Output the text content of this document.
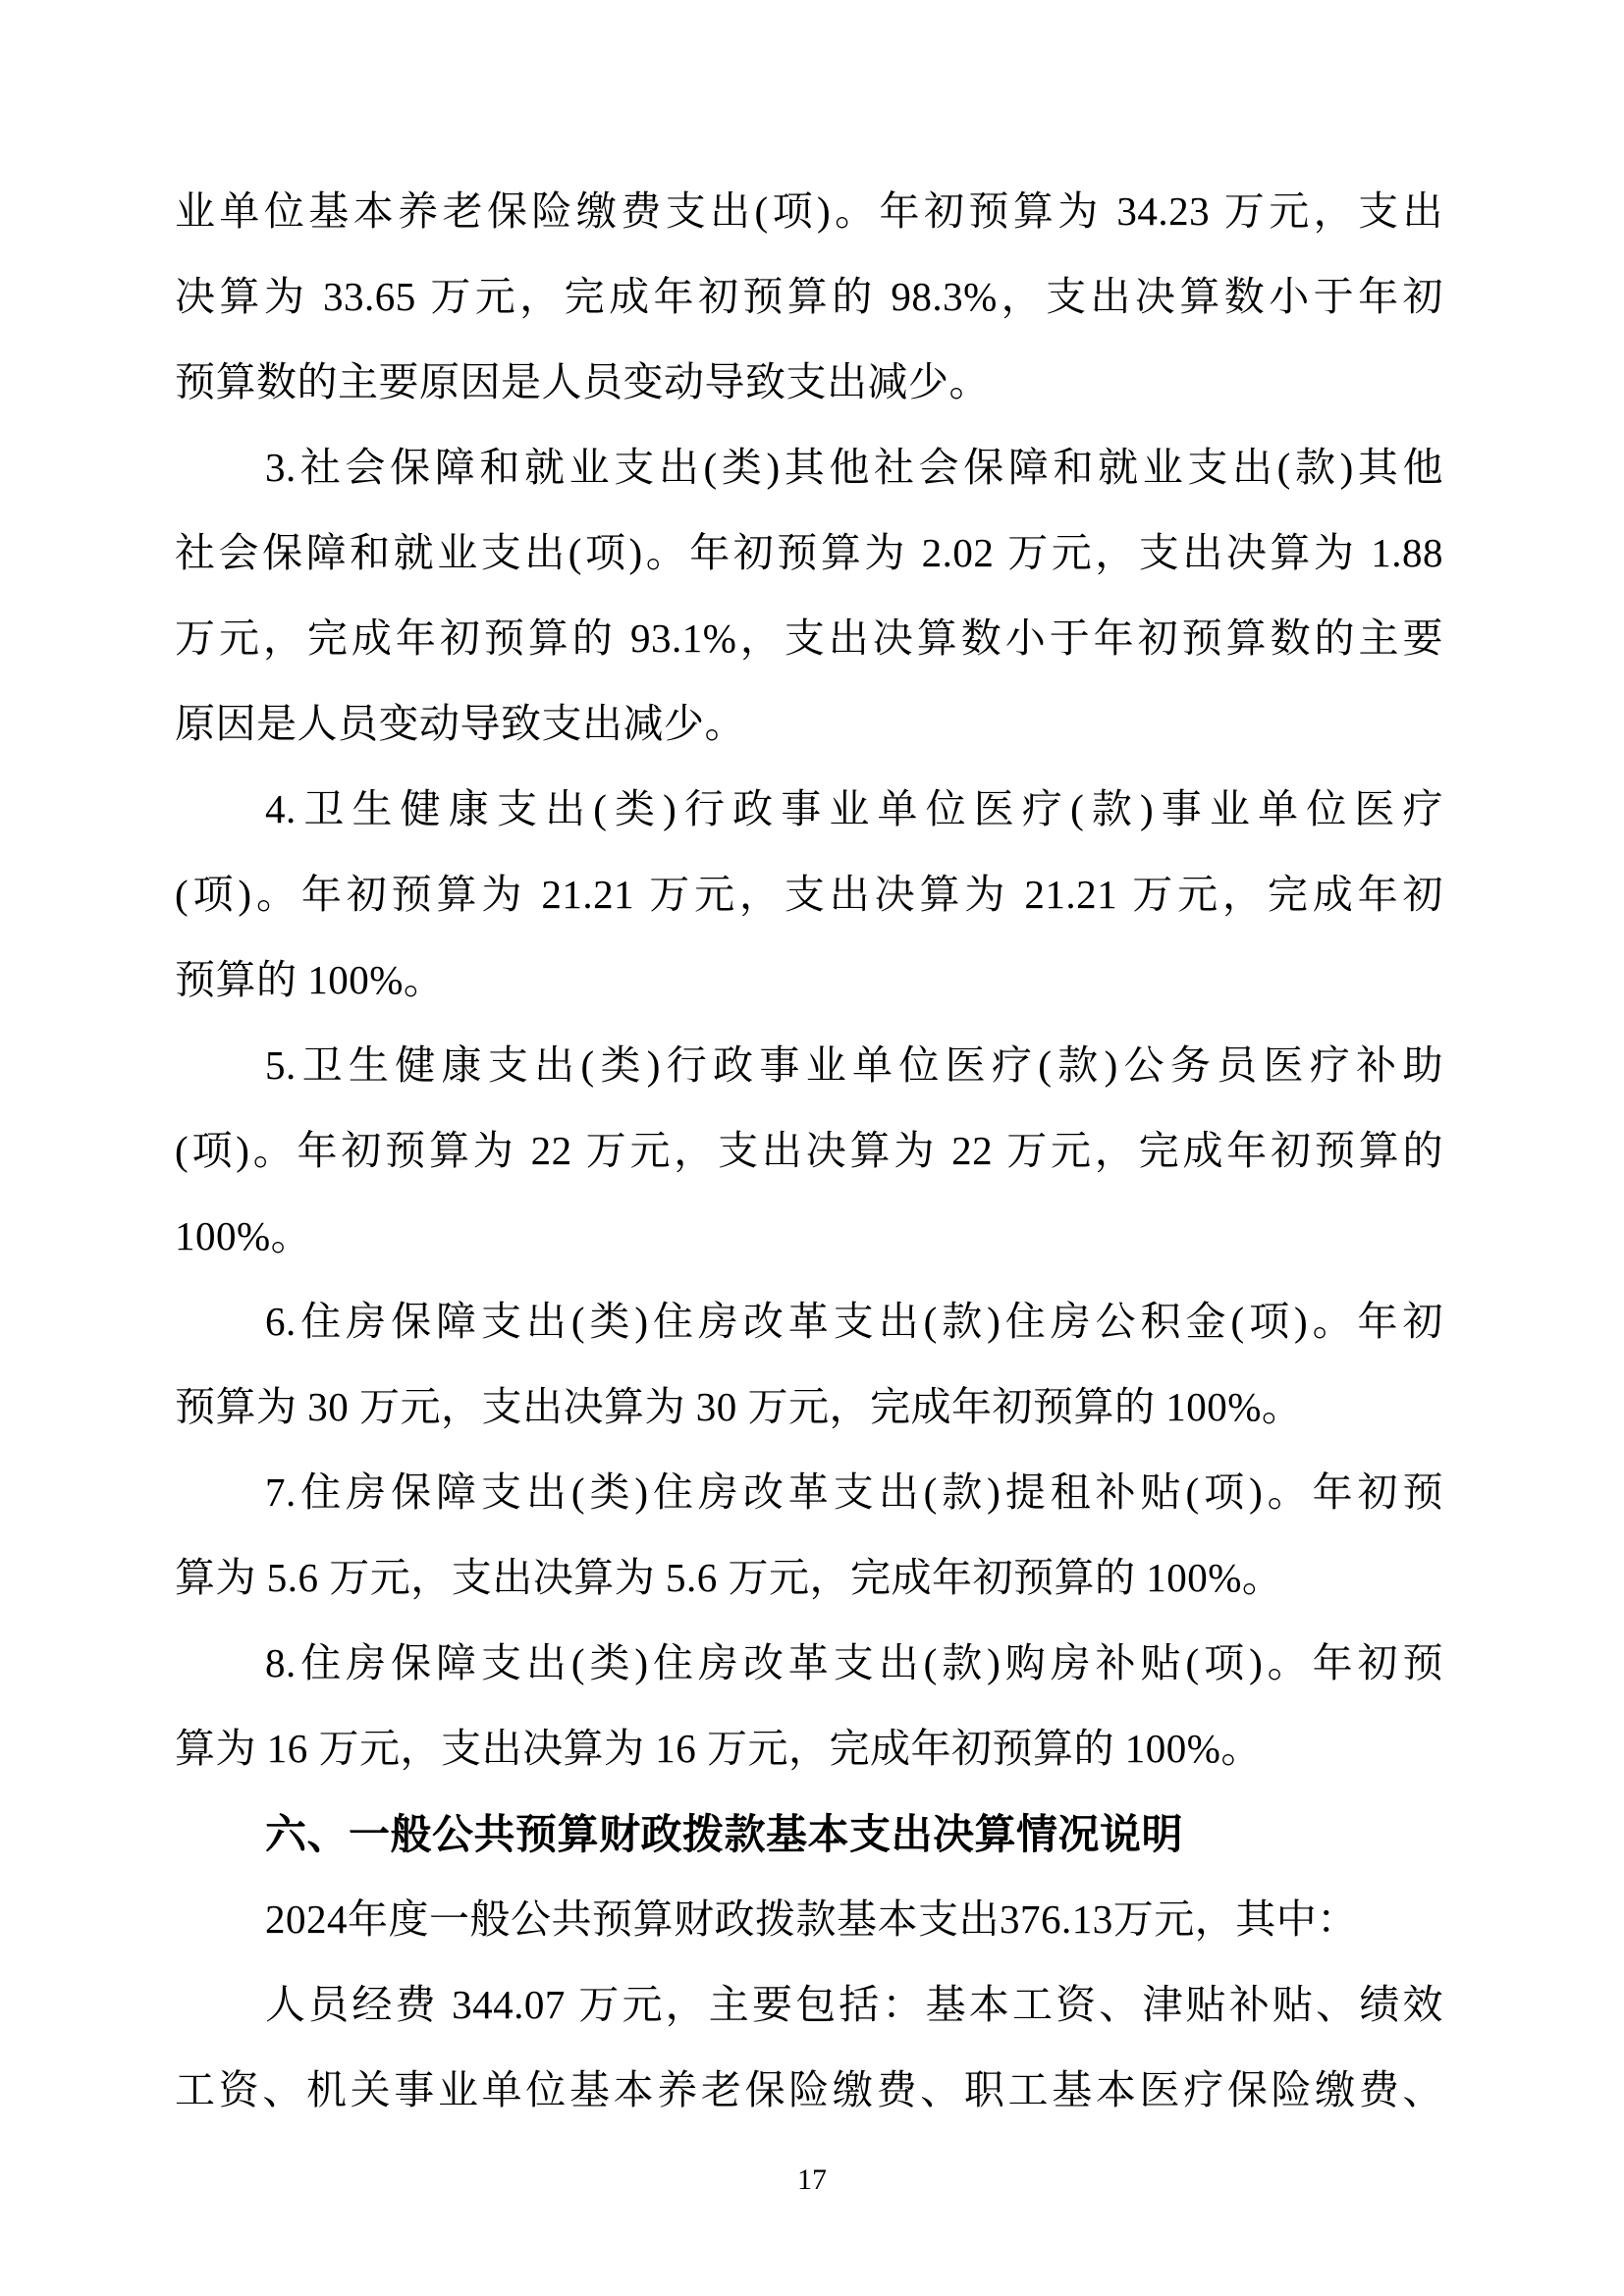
业单位基本养老保险缴费支出(项)。年初预算为 34.23 万元，支出
决算为 33.65 万元，完成年初预算的 98.3%，支出决算数小于年初
预算数的主要原因是人员变动导致支出减少。
3.社会保障和就业支出(类)其他社会保障和就业支出(款)其他
社会保障和就业支出(项)。年初预算为 2.02 万元，支出决算为 1.88
万元，完成年初预算的 93.1%，支出决算数小于年初预算数的主要
原因是人员变动导致支出减少。
4.卫生健康支出(类)行政事业单位医疗(款)事业单位医疗
(项)。年初预算为 21.21 万元，支出决算为 21.21 万元，完成年初
预算的 100%。
5.卫生健康支出(类)行政事业单位医疗(款)公务员医疗补助
(项)。年初预算为 22 万元，支出决算为 22 万元，完成年初预算的
100%。
6.住房保障支出(类)住房改革支出(款)住房公积金(项)。年初
预算为 30 万元，支出决算为 30 万元，完成年初预算的 100%。
7.住房保障支出(类)住房改革支出(款)提租补贴(项)。年初预
算为 5.6 万元，支出决算为 5.6 万元，完成年初预算的 100%。
8.住房保障支出(类)住房改革支出(款)购房补贴(项)。年初预
算为 16 万元，支出决算为 16 万元，完成年初预算的 100%。
六、一般公共预算财政拨款基本支出决算情况说明
2024年度一般公共预算财政拨款基本支出376.13万元，其中：
人员经费 344.07 万元，主要包括：基本工资、津贴补贴、绩效
工资、机关事业单位基本养老保险缴费、职工基本医疗保险缴费、
17
